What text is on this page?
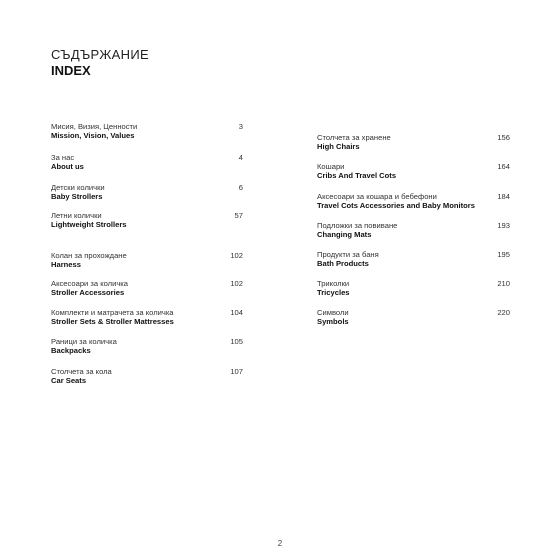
СЪДЪРЖАНИЕ
INDEX
Мисия, Визия, Ценности
Mission, Vision, Values
3
За нас
About us
4
Детски колички
Baby Strollers
6
Летни колички
Lightweight Strollers
57
Колан за прохождане
Harness
102
Аксесоари за количка
Stroller Accessories
102
Комплекти и матрачета за количка
Stroller Sets & Stroller Mattresses
104
Раници за количка
Backpacks
105
Столчета за кола
Car Seats
107
Столчета за хранене
High Chairs
156
Кошари
Cribs And Travel Cots
164
Аксесоари за кошара и бебефони
Travel Cots Accessories and Baby Monitors
184
Подложки за повиване
Changing Mats
193
Продукти за баня
Bath Products
195
Триколки
Tricycles
210
Символи
Symbols
220
2
